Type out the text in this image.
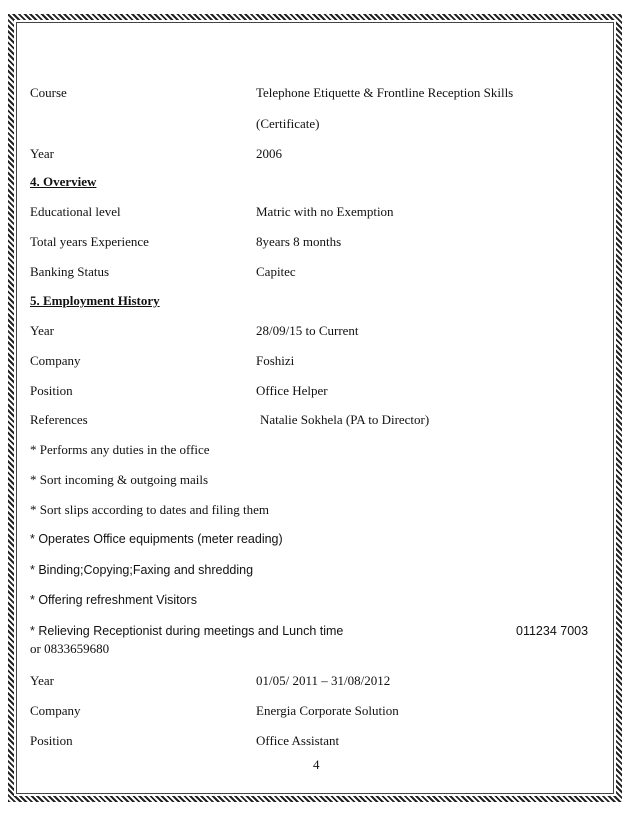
Course	Telephone Etiquette & Frontline Reception Skills
(Certificate)
Year	2006
4. Overview
Educational level	Matric with no Exemption
Total years Experience	8years 8 months
Banking Status	Capitec
5. Employment History
Year	28/09/15 to Current
Company	Foshizi
Position	Office Helper
References	Natalie Sokhela (PA to Director)
* Performs any duties in the office
* Sort incoming & outgoing mails
* Sort slips according to dates and filing them
* Operates Office equipments (meter reading)
* Binding;Copying;Faxing and shredding
* Offering refreshment Visitors
* Relieving Receptionist during meetings and Lunch time	011234 7003
or 0833659680
Year	01/05/ 2011 – 31/08/2012
Company	Energia Corporate Solution
Position	Office Assistant
4
